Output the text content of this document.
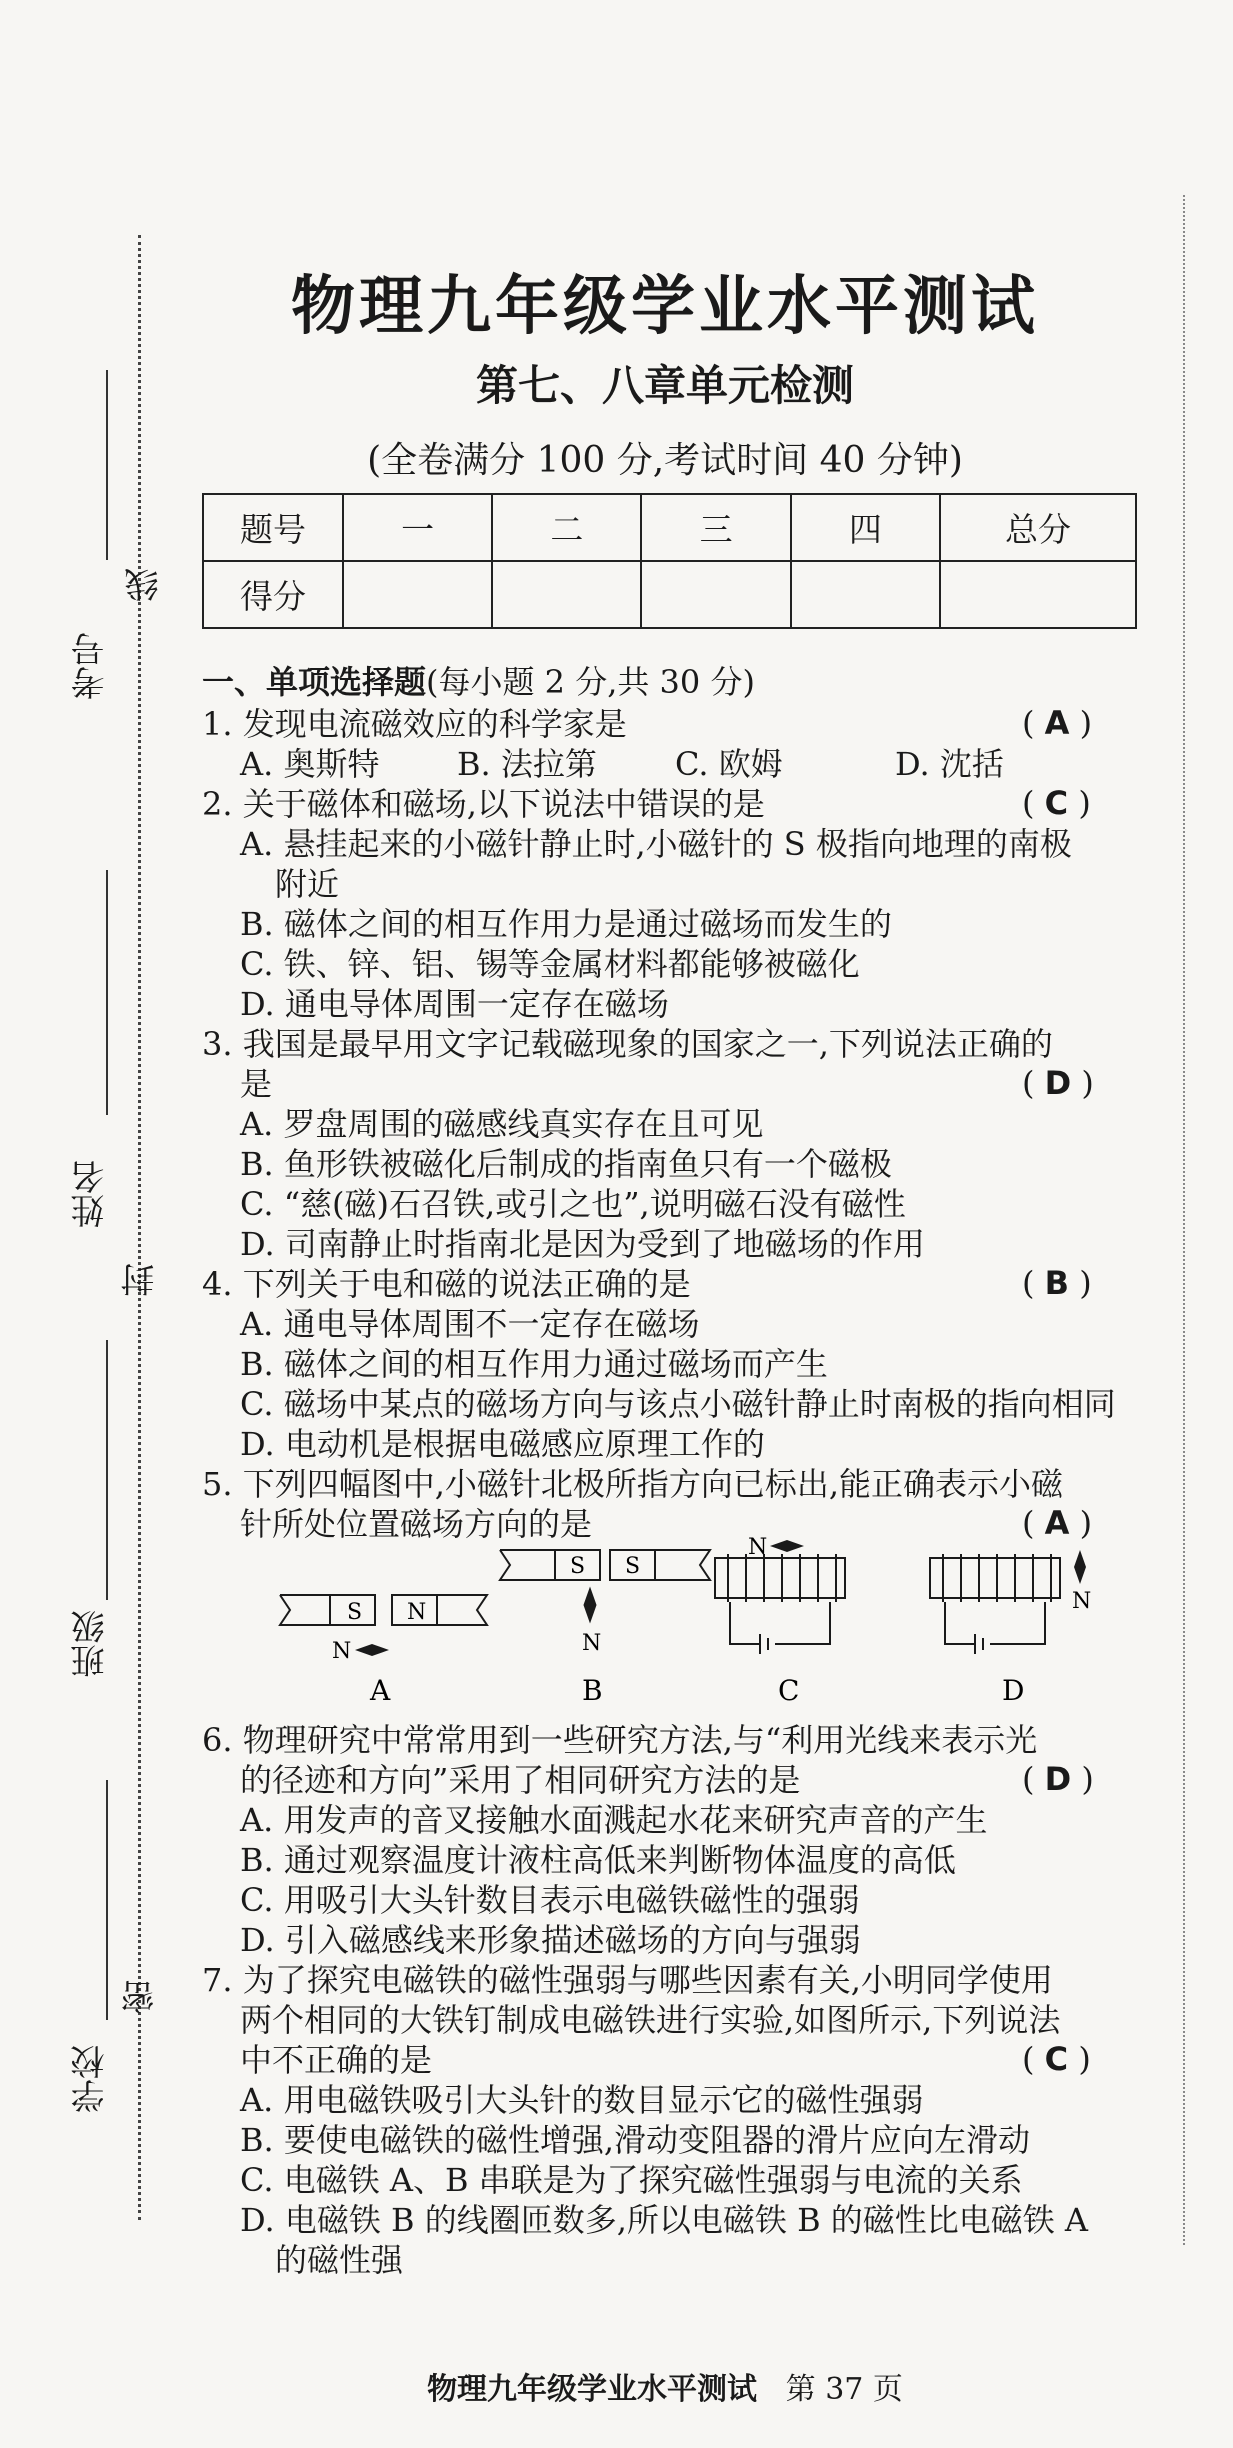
考号
线
姓名
封
班级
学校
密
物理九年级学业水平测试
第七、八章单元检测
(全卷满分 100 分,考试时间 40 分钟)
题号	一	二	三	四	总分
得分					
一、单项选择题(每小题 2 分,共 30 分)
1. 发现电流磁效应的科学家是	( A )
A. 奥斯特 B. 法拉第 C. 欧姆	D. 沈括
2. 关于磁体和磁场,以下说法中错误的是	( C )
A. 悬挂起来的小磁针静止时,小磁针的 S 极指向地理的南极
附近
B. 磁体之间的相互作用力是通过磁场而发生的
C. 铁、锌、铝、锡等金属材料都能够被磁化
D. 通电导体周围一定存在磁场
3. 我国是最早用文字记载磁现象的国家之一,下列说法正确的
是	( D )
A. 罗盘周围的磁感线真实存在且可见
B. 鱼形铁被磁化后制成的指南鱼只有一个磁极
C. “慈(磁)石召铁,或引之也”,说明磁石没有磁性
D. 司南静止时指南北是因为受到了地磁场的作用
4. 下列关于电和磁的说法正确的是	( B )
A. 通电导体周围不一定存在磁场
B. 磁体之间的相互作用力通过磁场而产生
C. 磁场中某点的磁场方向与该点小磁针静止时南极的指向相同
D. 电动机是根据电磁感应原理工作的
5. 下列四幅图中,小磁针北极所指方向已标出,能正确表示小磁
针所处位置磁场方向的是	( A )
S N
N
S S
N
N
N
A	B	C	D
6. 物理研究中常常用到一些研究方法,与“利用光线来表示光
的径迹和方向”采用了相同研究方法的是	( D )
A. 用发声的音叉接触水面溅起水花来研究声音的产生
B. 通过观察温度计液柱高低来判断物体温度的高低
C. 用吸引大头针数目表示电磁铁磁性的强弱
D. 引入磁感线来形象描述磁场的方向与强弱
7. 为了探究电磁铁的磁性强弱与哪些因素有关,小明同学使用
两个相同的大铁钉制成电磁铁进行实验,如图所示,下列说法
中不正确的是	( C )
A. 用电磁铁吸引大头针的数目显示它的磁性强弱
B. 要使电磁铁的磁性增强,滑动变阻器的滑片应向左滑动
C. 电磁铁 A、B 串联是为了探究磁性强弱与电流的关系
D. 电磁铁 B 的线圈匝数多,所以电磁铁 B 的磁性比电磁铁 A
的磁性强
物理九年级学业水平测试 第 37 页
